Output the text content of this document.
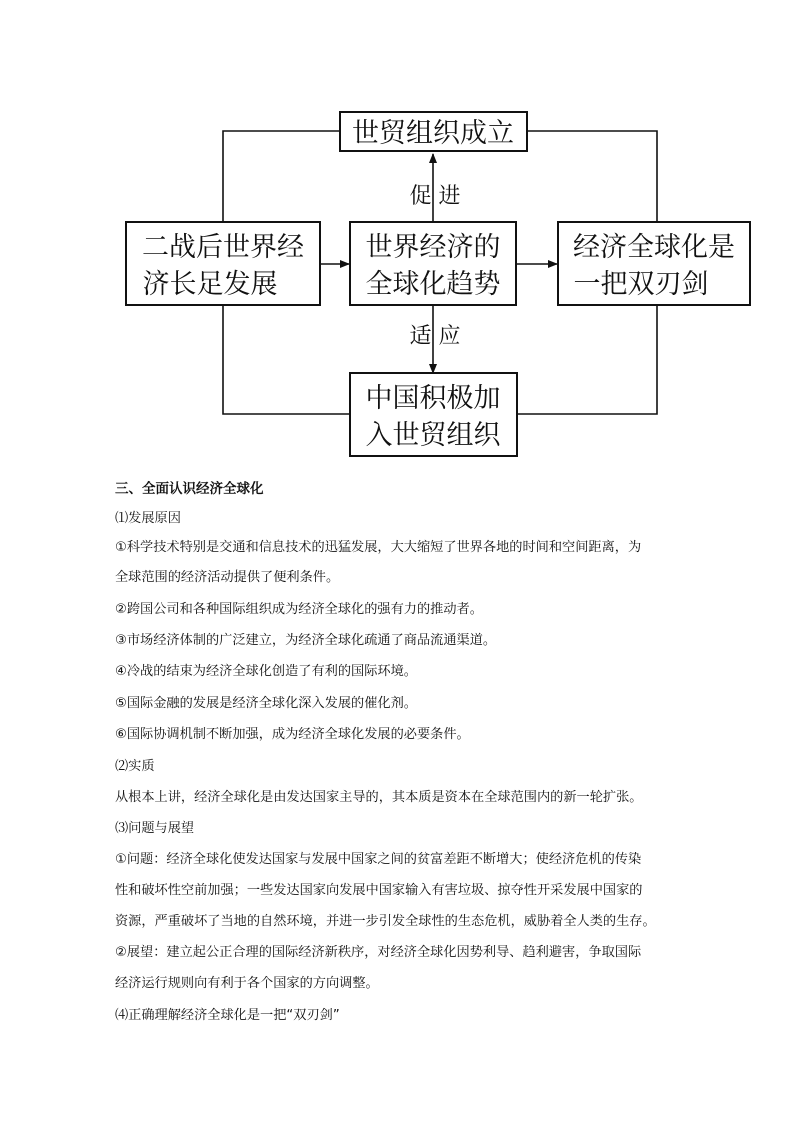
促 进
适 应
世贸组织成立
二战后世界经
济长足发展
世界经济的
全球化趋势
经济全球化是
一把双刃剑
中国积极加
入世贸组织
三、全面认识经济全球化
⑴发展原因
①科学技术特别是交通和信息技术的迅猛发展，大大缩短了世界各地的时间和空间距离，为
全球范围的经济活动提供了便利条件。
②跨国公司和各种国际组织成为经济全球化的强有力的推动者。
③市场经济体制的广泛建立，为经济全球化疏通了商品流通渠道。
④冷战的结束为经济全球化创造了有利的国际环境。
⑤国际金融的发展是经济全球化深入发展的催化剂。
⑥国际协调机制不断加强，成为经济全球化发展的必要条件。
⑵实质
从根本上讲，经济全球化是由发达国家主导的，其本质是资本在全球范围内的新一轮扩张。
⑶问题与展望
①问题：经济全球化使发达国家与发展中国家之间的贫富差距不断增大；使经济危机的传染
性和破坏性空前加强；一些发达国家向发展中国家输入有害垃圾、掠夺性开采发展中国家的
资源，严重破坏了当地的自然环境，并进一步引发全球性的生态危机，威胁着全人类的生存。
②展望：建立起公正合理的国际经济新秩序，对经济全球化因势利导、趋利避害，争取国际
经济运行规则向有利于各个国家的方向调整。
⑷正确理解经济全球化是一把“双刃剑”
